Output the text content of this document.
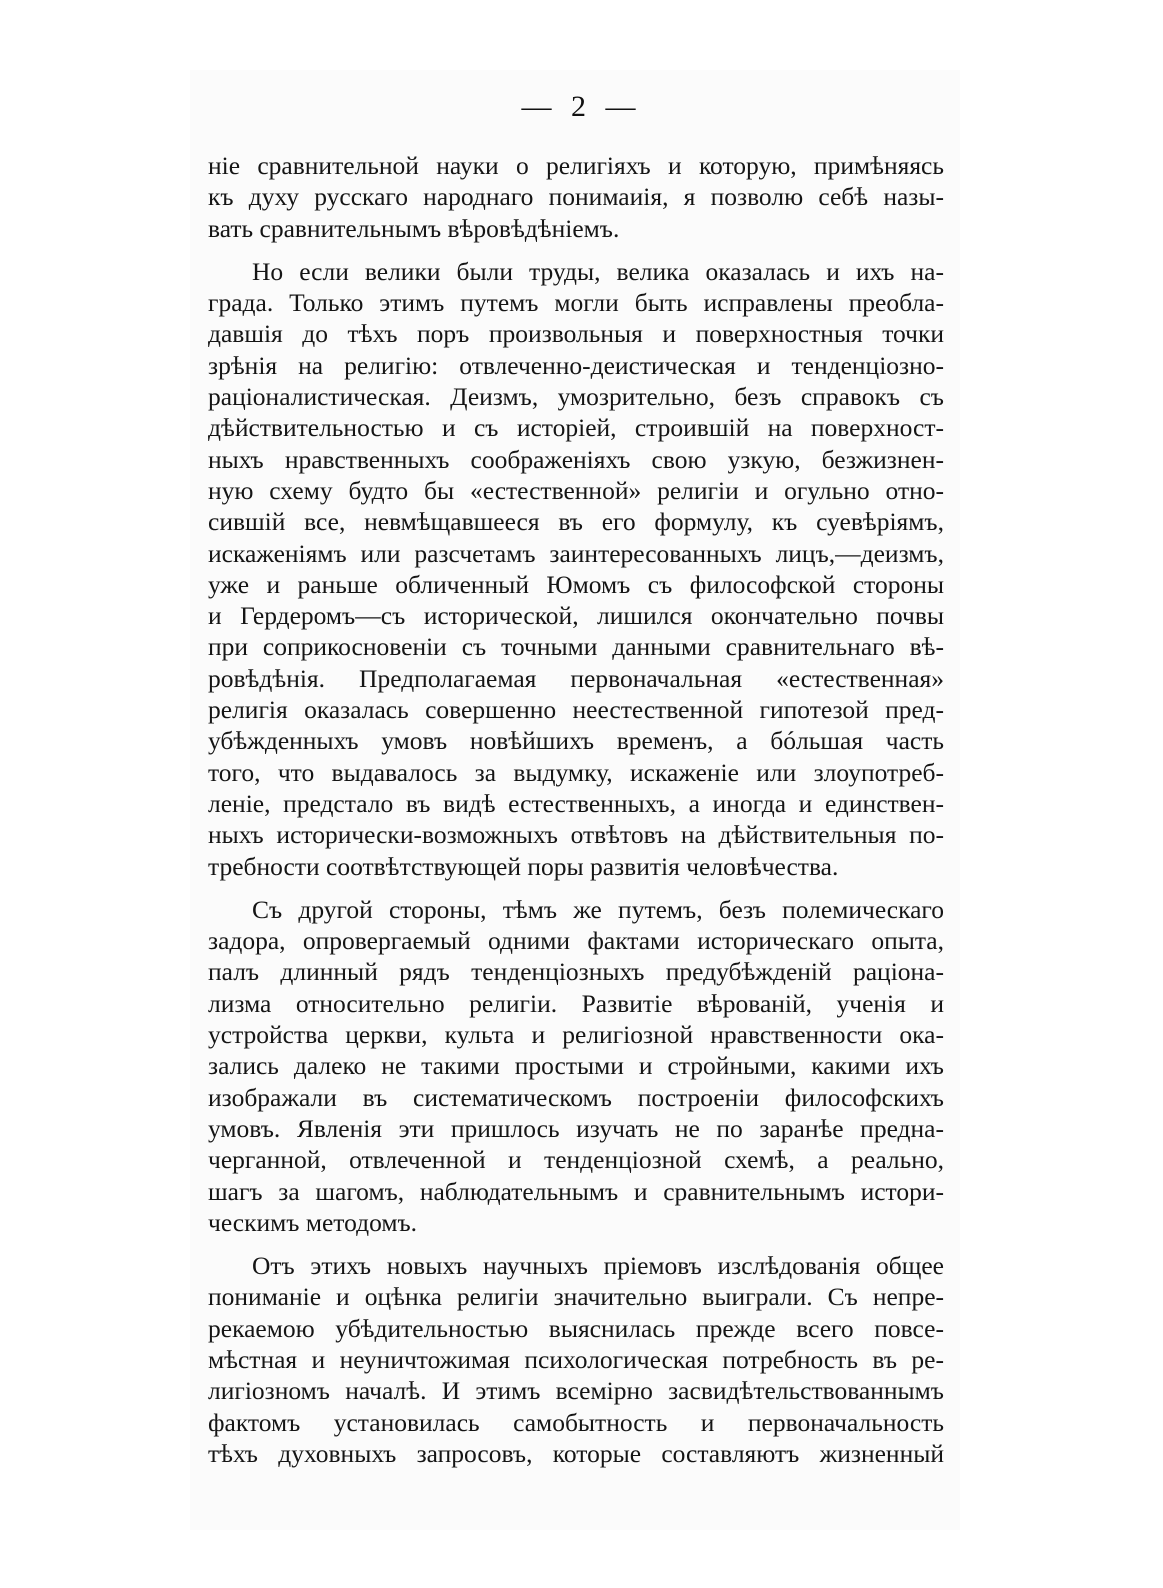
— 2 —
ніе сравнительной науки о религіяхъ и которую, примѣняясь
къ духу русскаго народнаго понимаиія, я позволю себѣ назы-
вать сравнительнымъ вѣровѣдѣніемъ.
Но если велики были труды, велика оказалась и ихъ на-
града. Только этимъ путемъ могли быть исправлены преобла-
давшія до тѣхъ поръ произвольныя и поверхностныя точки
зрѣнія на религію: отвлеченно-деистическая и тенденціозно-
раціоналистическая. Деизмъ, умозрительно, безъ справокъ съ
дѣйствительностью и съ исторіей, строившій на поверхност-
ныхъ нравственныхъ соображеніяхъ свою узкую, безжизнен-
ную схему будто бы «естественной» религіи и огульно отно-
сившій все, невмѣщавшееся въ его формулу, къ суевѣріямъ,
искаженіямъ или разсчетамъ заинтересованныхъ лицъ,—деизмъ,
уже и раньше обличенный Юмомъ съ философской стороны
и Гердеромъ—съ исторической, лишился окончательно почвы
при соприкосновеніи съ точными данными сравнительнаго вѣ-
ровѣдѣнія. Предполагаемая первоначальная «естественная»
религія оказалась совершенно неестественной гипотезой пред-
убѣжденныхъ умовъ новѣйшихъ временъ, а бóльшая часть
того, что выдавалось за выдумку, искаженіе или злоупотреб-
леніе, предстало въ видѣ естественныхъ, а иногда и единствен-
ныхъ исторически-возможныхъ отвѣтовъ на дѣйствительныя по-
требности соотвѣтствующей поры развитія человѣчества.
Съ другой стороны, тѣмъ же путемъ, безъ полемическаго
задора, опровергаемый одними фактами историческаго опыта,
палъ длинный рядъ тенденціозныхъ предубѣжденій раціона-
лизма относительно религіи. Развитіе вѣрованій, ученія и
устройства церкви, культа и религіозной нравственности ока-
зались далеко не такими простыми и стройными, какими ихъ
изображали въ систематическомъ построеніи философскихъ
умовъ. Явленія эти пришлось изучать не по заранѣе предна-
черганной, отвлеченной и тенденціозной схемѣ, а реально,
шагъ за шагомъ, наблюдательнымъ и сравнительнымъ истори-
ческимъ методомъ.
Отъ этихъ новыхъ научныхъ пріемовъ изслѣдованія общее
пониманіе и оцѣнка религіи значительно выиграли. Съ непре-
рекаемою убѣдительностью выяснилась прежде всего повсе-
мѣстная и неуничтожимая психологическая потребность въ ре-
лигіозномъ началѣ. И этимъ всемірно засвидѣтельствованнымъ
фактомъ установилась самобытность и первоначальность
тѣхъ духовныхъ запросовъ, которые составляютъ жизненный
